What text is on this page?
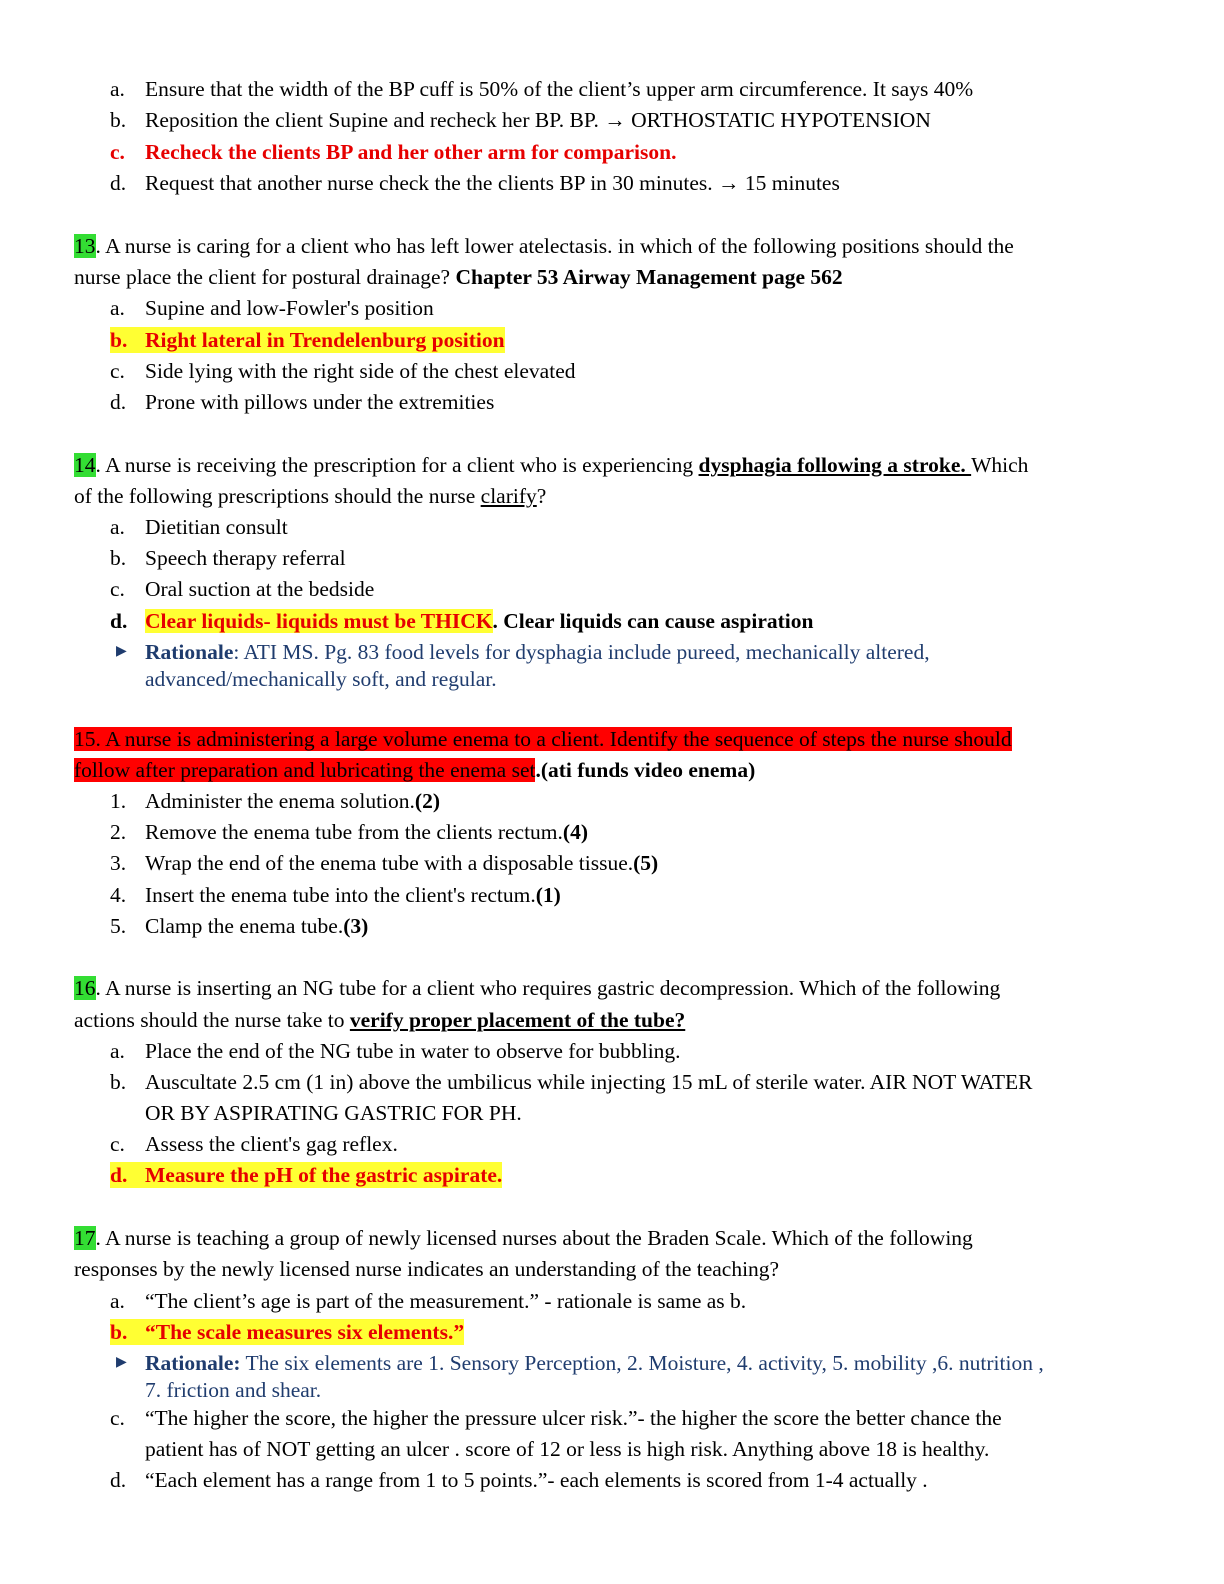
a. Ensure that the width of the BP cuff is 50% of the client’s upper arm circumference. It says 40%
b. Reposition the client Supine and recheck her BP. BP. → ORTHOSTATIC HYPOTENSION
c. Recheck the clients BP and her other arm for comparison.
d. Request that another nurse check the the clients BP in 30 minutes. → 15 minutes
13. A nurse is caring for a client who has left lower atelectasis. in which of the following positions should the
nurse place the client for postural drainage? Chapter 53 Airway Management page 562
a. Supine and low-Fowler's position
b. Right lateral in Trendelenburg position
c. Side lying with the right side of the chest elevated
d. Prone with pillows under the extremities
14. A nurse is receiving the prescription for a client who is experiencing dysphagia following a stroke. Which
of the following prescriptions should the nurse clarify?
a. Dietitian consult
b. Speech therapy referral
c. Oral suction at the bedside
d. Clear liquids- liquids must be THICK. Clear liquids can cause aspiration
▶ Rationale: ATI MS. Pg. 83 food levels for dysphagia include pureed, mechanically altered,
advanced/mechanically soft, and regular.
15. A nurse is administering a large volume enema to a client. Identify the sequence of steps the nurse should
follow after preparation and lubricating the enema set.(ati funds video enema)
1. Administer the enema solution.(2)
2. Remove the enema tube from the clients rectum.(4)
3. Wrap the end of the enema tube with a disposable tissue.(5)
4. Insert the enema tube into the client's rectum.(1)
5. Clamp the enema tube.(3)
16. A nurse is inserting an NG tube for a client who requires gastric decompression. Which of the following
actions should the nurse take to verify proper placement of the tube?
a. Place the end of the NG tube in water to observe for bubbling.
b. Auscultate 2.5 cm (1 in) above the umbilicus while injecting 15 mL of sterile water. AIR NOT WATER
OR BY ASPIRATING GASTRIC FOR PH.
c. Assess the client's gag reflex.
d. Measure the pH of the gastric aspirate.
17. A nurse is teaching a group of newly licensed nurses about the Braden Scale. Which of the following
responses by the newly licensed nurse indicates an understanding of the teaching?
a. “The client’s age is part of the measurement.” - rationale is same as b.
b. “The scale measures six elements.”
▶ Rationale: The six elements are 1. Sensory Perception, 2. Moisture, 4. activity, 5. mobility ,6. nutrition ,
7. friction and shear.
c. “The higher the score, the higher the pressure ulcer risk.”- the higher the score the better chance the
patient has of NOT getting an ulcer . score of 12 or less is high risk. Anything above 18 is healthy.
d. “Each element has a range from 1 to 5 points.”- each elements is scored from 1-4 actually .
